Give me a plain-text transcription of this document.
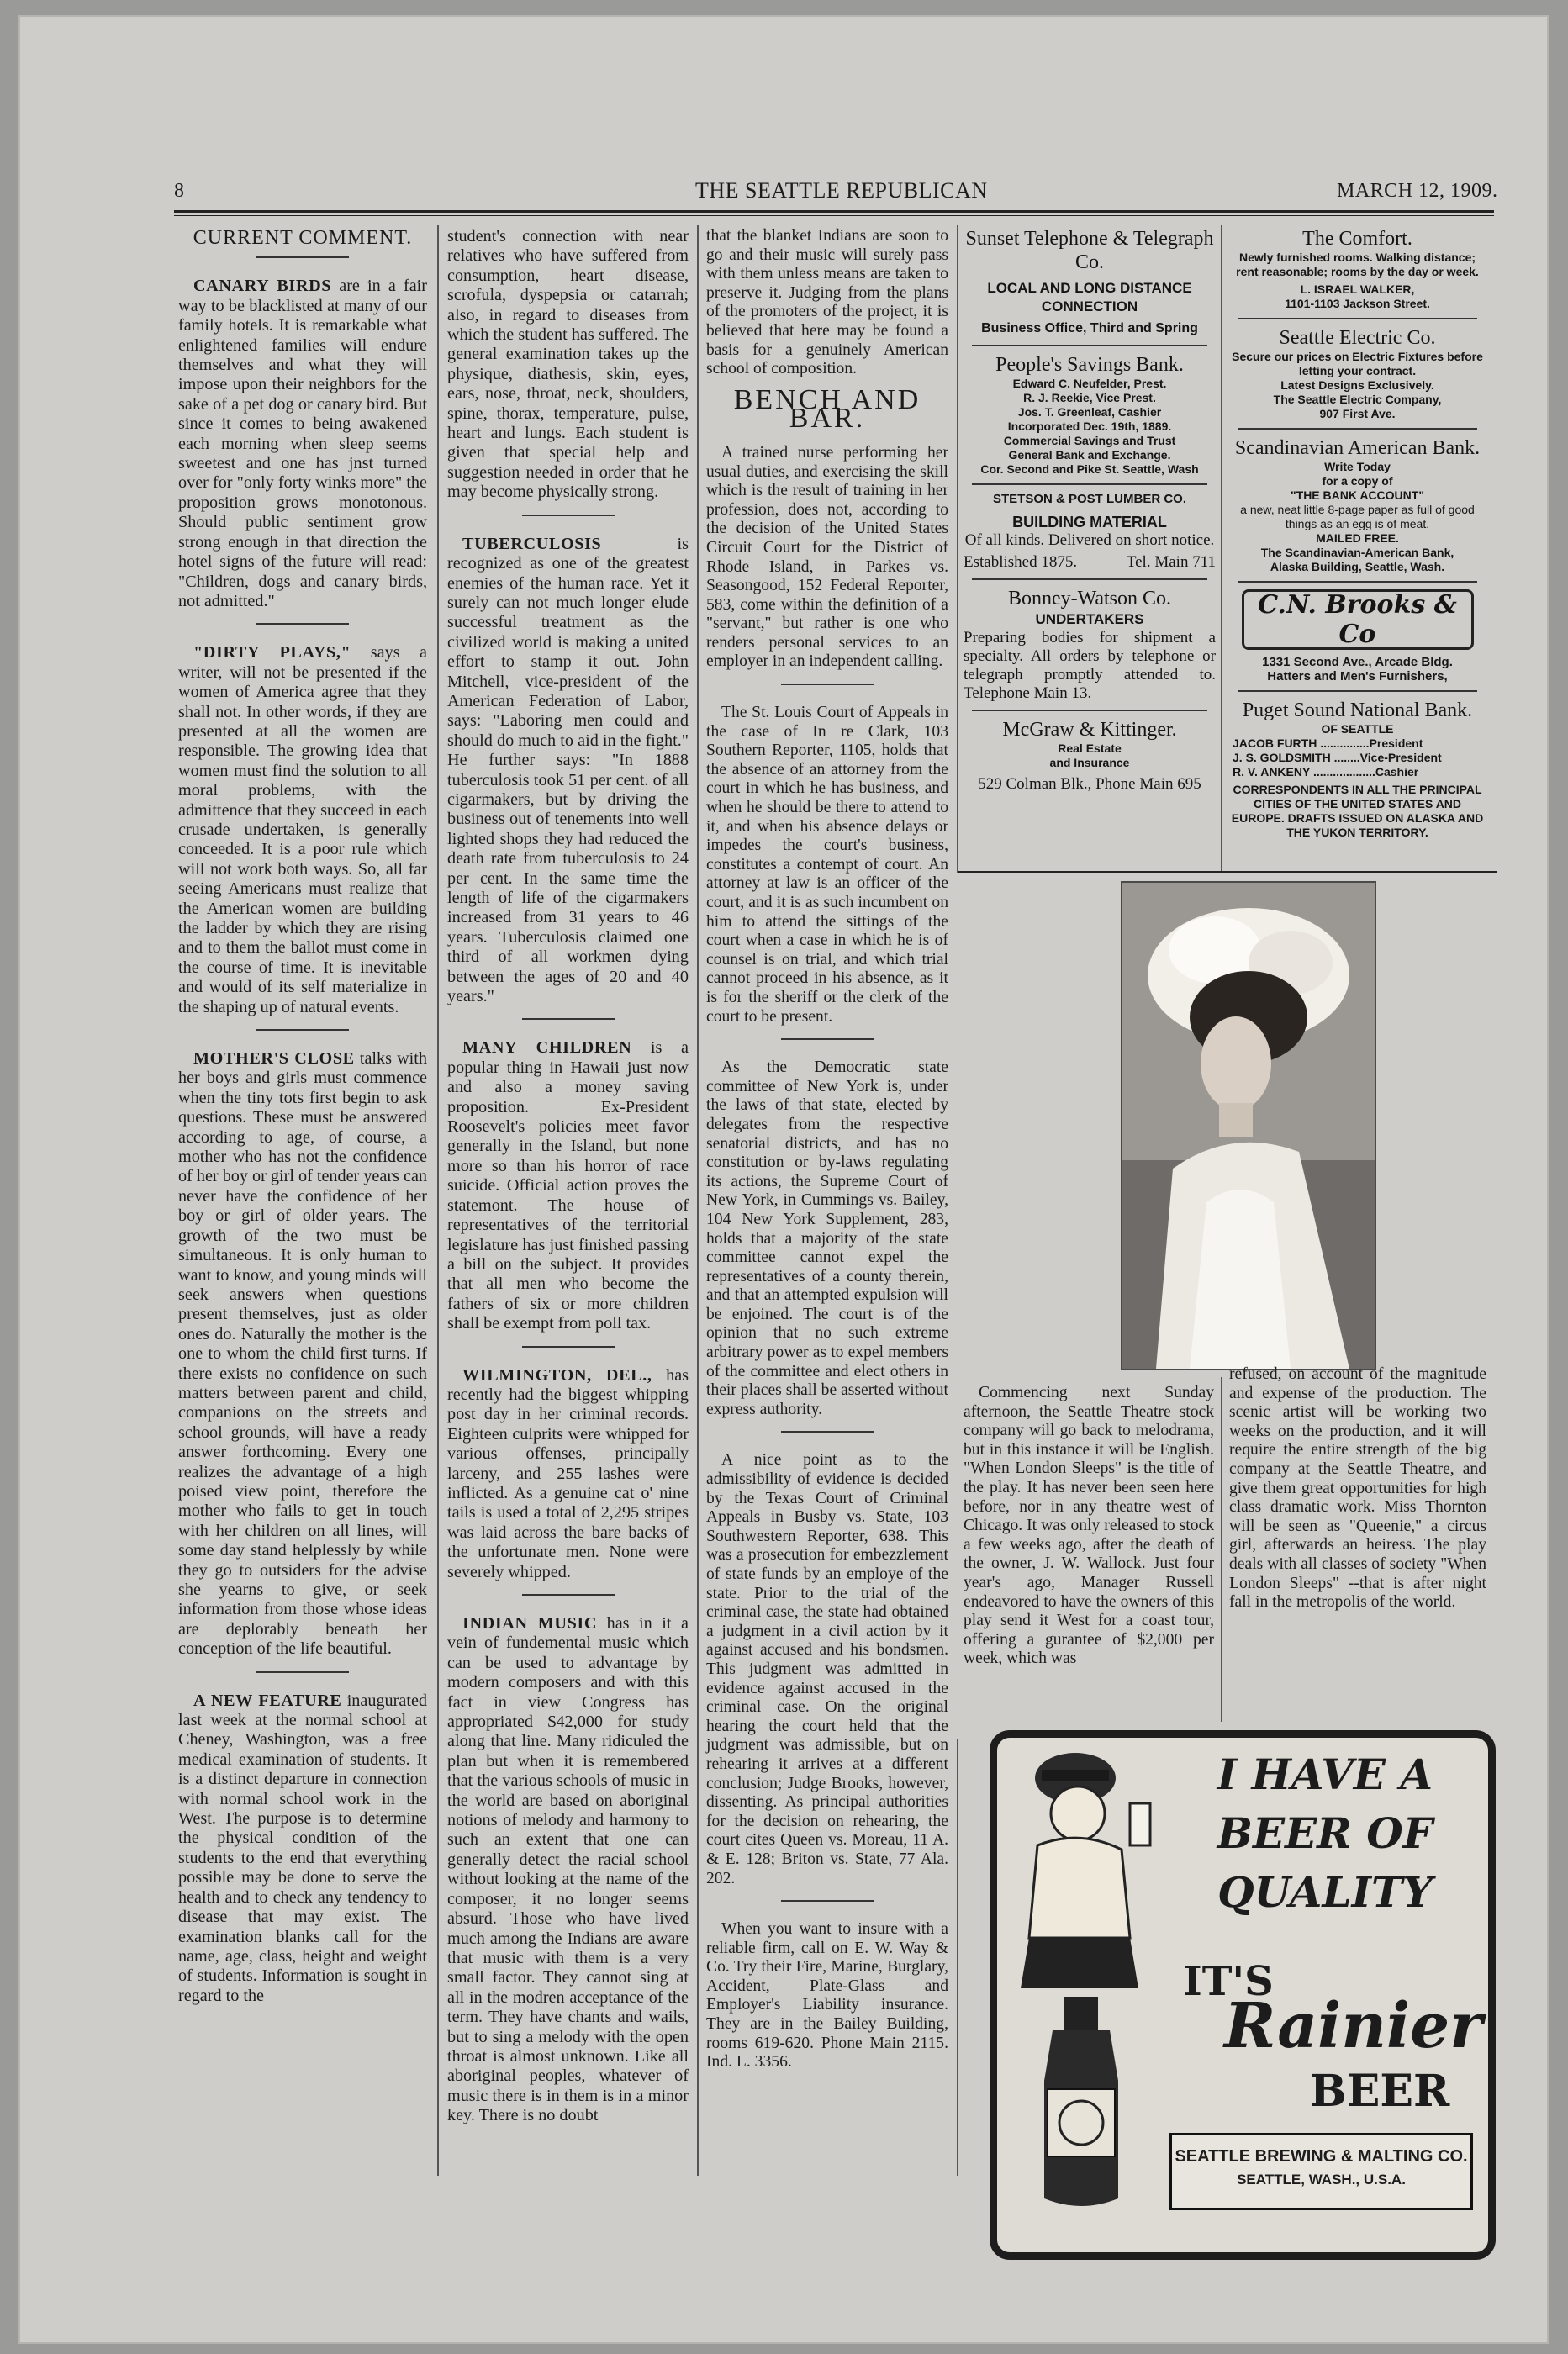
8	THE SEATTLE REPUBLICAN	MARCH 12, 1909.
CURRENT COMMENT.

CANARY BIRDS are in a fair way to be blacklisted at many of our family hotels. It is remarkable what enlightened families will endure themselves and what they will impose upon their neighbors for the sake of a pet dog or canary bird. But since it comes to being awakened each morning when sleep seems sweetest and one has jnst turned over for "only forty winks more" the proposition grows monotonous. Should public sentiment grow strong enough in that direction the hotel signs of the future will read: "Children, dogs and canary birds, not admitted."

"DIRTY PLAYS," says a writer, will not be presented if the women of America agree that they shall not. In other words, if they are presented at all the women are responsible. The growing idea that women must find the solution to all moral problems, with the admittence that they succeed in each crusade undertaken, is generally conceeded. It is a poor rule which will not work both ways. So, all far seeing Americans must realize that the American women are building the ladder by which they are rising and to them the ballot must come in the course of time. It is inevitable and would of its self materialize in the shaping up of natural events.

MOTHER'S CLOSE talks with her boys and girls must commence when the tiny tots first begin to ask questions. These must be answered according to age, of course, a mother who has not the confidence of her boy or girl of tender years can never have the confidence of her boy or girl of older years. The growth of the two must be simultaneous. It is only human to want to know, and young minds will seek answers when questions present themselves, just as older ones do. Naturally the mother is the one to whom the child first turns. If there exists no confidence on such matters between parent and child, companions on the streets and school grounds, will have a ready answer forthcoming. Every one realizes the advantage of a high poised view point, therefore the mother who fails to get in touch with her children on all lines, will some day stand helplessly by while they go to outsiders for the advise she yearns to give, or seek information from those whose ideas are deplorably beneath her conception of the life beautiful.

A NEW FEATURE inaugurated last week at the normal school at Cheney, Washington, was a free medical examination of students. It is a distinct departure in connection with normal school work in the West. The purpose is to determine the physical condition of the students to the end that everything possible may be done to serve the health and to check any tendency to disease that may exist. The examination blanks call for the name, age, class, height and weight of students. Information is sought in regard to the

student's connection with near relatives who have suffered from consumption, heart disease, scrofula, dyspepsia or catarrah; also, in regard to diseases from which the student has suffered. The general examination takes up the physique, diathesis, skin, eyes, ears, nose, throat, neck, shoulders, spine, thorax, temperature, pulse, heart and lungs. Each student is given that special help and suggestion needed in order that he may become physically strong.

TUBERCULOSIS	is recognized as one of the greatest enemies of the human race. Yet it surely can not much longer elude successful treatment as the civilized world is making a united effort to stamp it out. John Mitchell, vice-president of the American Federation of Labor, says: "Laboring men could and should do much to aid in the fight." He further says: "In 1888 tuberculosis took 51 per cent. of all cigarmakers, but by driving the business out of tenements into well lighted shops they had reduced the death rate from tuberculosis to 24 per cent. In the same time the length of life of the cigarmakers increased from 31 years to 46 years. Tuberculosis claimed one third of all workmen dying between the ages of 20 and 40 years."

MANY CHILDREN is a popular thing in Hawaii just now and also a money saving proposition. Ex-President Roosevelt's policies meet favor generally in the Island, but none more so than his horror of race suicide. Official action proves the statemont. The house of representatives of the territorial legislature has just finished passing a bill on the subject. It provides that all men who become the fathers of six or more children shall be exempt from poll tax.

WILMINGTON, DEL., has recently had the biggest whipping post day in her criminal records. Eighteen culprits were whipped for various offenses, principally larceny, and 255 lashes were inflicted. As a genuine cat o' nine tails is used a total of 2,295 stripes was laid across the bare backs of the unfortunate men. None were severely whipped.

INDIAN MUSIC has in it a vein of fundemental music which can be used to advantage by modern composers and with this fact in view Congress has appropriated $42,000 for study along that line. Many ridiculed the plan but when it is remembered that the various schools of music in the world are based on aboriginal notions of melody and harmony to such an extent that one can generally detect the racial school without looking at the name of the composer, it no longer seems absurd. Those who have lived much among the Indians are aware that music with them is a very small factor. They cannot sing at all in the modren acceptance of the term. They have chants and wails, but to sing a melody with the open throat is almost unknown. Like all aboriginal peoples, whatever of music there is in them is in a minor key. There is no doubt

that the blanket Indians are soon to go and their music will surely pass with them unless means are taken to preserve it. Judging from the plans of the promoters of the project, it is believed that here may be found a basis for a genuinely American school of composition.

BENCH AND BAR.

A trained nurse performing her usual duties, and exercising the skill which is the result of training in her profession, does not, according to the decision of the United States Circuit Court for the District of Rhode Island, in Parkes vs. Seasongood, 152 Federal Reporter, 583, come within the definition of a "servant," but rather is one who renders personal services to an employer in an independent calling.

The St. Louis Court of Appeals in the case of In re Clark, 103 Southern Reporter, 1105, holds that the absence of an attorney from the court in which he has business, and when he should be there to attend to it, and when his absence delays or impedes the court's business, constitutes a contempt of court. An attorney at law is an officer of the court, and it is as such incumbent on him to attend the sittings of the court when a case in which he is of counsel is on trial, and which trial cannot proceed in his absence, as it is for the sheriff or the clerk of the court to be present.

As the Democratic state committee of New York is, under the laws of that state, elected by delegates from the respective senatorial districts, and has no constitution or by-laws regulating its actions, the Supreme Court of New York, in Cummings vs. Bailey, 104 New York Supplement, 283, holds that a majority of the state committee cannot expel the representatives of a county therein, and that an attempted expulsion will be enjoined. The court is of the opinion that no such extreme arbitrary power as to expel members of the committee and elect others in their places shall be asserted without express authority.

A nice point as to the admissibility of evidence is decided by the Texas Court of Criminal Appeals in Busby vs. State, 103 Southwestern Reporter, 638. This was a prosecution for embezzlement of state funds by an employe of the state. Prior to the trial of the criminal case, the state had obtained a judgment in a civil action by it against accused and his bondsmen. This judgment was admitted in evidence against accused in the criminal case. On the original hearing the court held that the judgment was admissible, but on rehearing it arrives at a different conclusion; Judge Brooks, however, dissenting. As principal authorities for the decision on rehearing, the court cites Queen vs. Moreau, 11 A. & E. 128; Briton vs. State, 77 Ala. 202.

When you want to insure with a reliable firm, call on E. W. Way & Co. Try their Fire, Marine, Burglary, Accident, Plate-Glass and Employer's Liability insurance. They are in the Bailey Building, rooms 619-620. Phone Main 2115. Ind. L. 3356.

Sunset Telephone & Telegraph Co.
LOCAL AND LONG DISTANCE
CONNECTION
Business Office, Third and Spring
People's Savings Bank.
Edward C. Neufelder, Prest.
R. J. Reekie, Vice Prest.
Jos. T. Greenleaf, Cashier
Incorporated Dec. 19th, 1889.
Commercial Savings and Trust
General Bank and Exchange.
Cor. Second and Pike St. Seattle, Wash
STETSON & POST LUMBER CO.
BUILDING MATERIAL
Of all kinds. Delivered on short notice.
Established 1875.	Tel. Main 711
Bonney-Watson Co.
UNDERTAKERS
Preparing bodies for shipment a specialty. All orders by telephone or telegraph promptly attended to. Telephone Main 13.
McGraw & Kittinger.
Real Estate
and Insurance
529 Colman Blk., Phone Main 695
The Comfort.
Newly furnished rooms. Walking distance; rent reasonable; rooms by the day or week.
L. ISRAEL WALKER,
1101-1103 Jackson Street.
Seattle Electric Co.
Secure our prices on Electric Fixtures before letting your contract.
Latest Designs Exclusively.
The Seattle Electric Company,
907 First Ave.
Scandinavian American Bank.
Write Today
for a copy of
"THE BANK ACCOUNT"
a new, neat little 8-page paper as full of good things as an egg is of meat.
MAILED FREE.
The Scandinavian-American Bank,
Alaska Building, Seattle, Wash.
C.N. Brooks & Co
1331 Second Ave., Arcade Bldg.
Hatters and Men's Furnishers,
Puget Sound National Bank.
OF SEATTLE
JACOB FURTH ...............President
J. S. GOLDSMITH ........Vice-President
R. V. ANKENY ...................Cashier
CORRESPONDENTS IN ALL THE PRINCIPAL CITIES OF THE UNITED STATES AND EUROPE. DRAFTS ISSUED ON ALASKA AND THE YUKON TERRITORY.

Commencing next Sunday afternoon, the Seattle Theatre stock company will go back to melodrama, but in this instance it will be English. "When London Sleeps" is the title of the play. It has never been seen here before, nor in any theatre west of Chicago. It was only released to stock a few weeks ago, after the death of the owner, J. W. Wallock. Just four year's ago, Manager Russell endeavored to have the owners of this play send it West for a coast tour, offering a gurantee of $2,000 per week, which was

refused, on account of the magnitude and expense of the production. The scenic artist will be working two weeks on the production, and it will require the entire strength of the big company at the Seattle Theatre, and give them great opportunities for high class dramatic work. Miss Thornton will be seen as "Queenie," a circus girl, afterwards an heiress. The play deals with all classes of society "When London Sleeps" --that is after night fall in the metropolis of the world.

I HAVE A
BEER OF
QUALITY
IT'S
Rainier
BEER
SEATTLE BREWING & MALTING CO.
SEATTLE, WASH., U.S.A.
